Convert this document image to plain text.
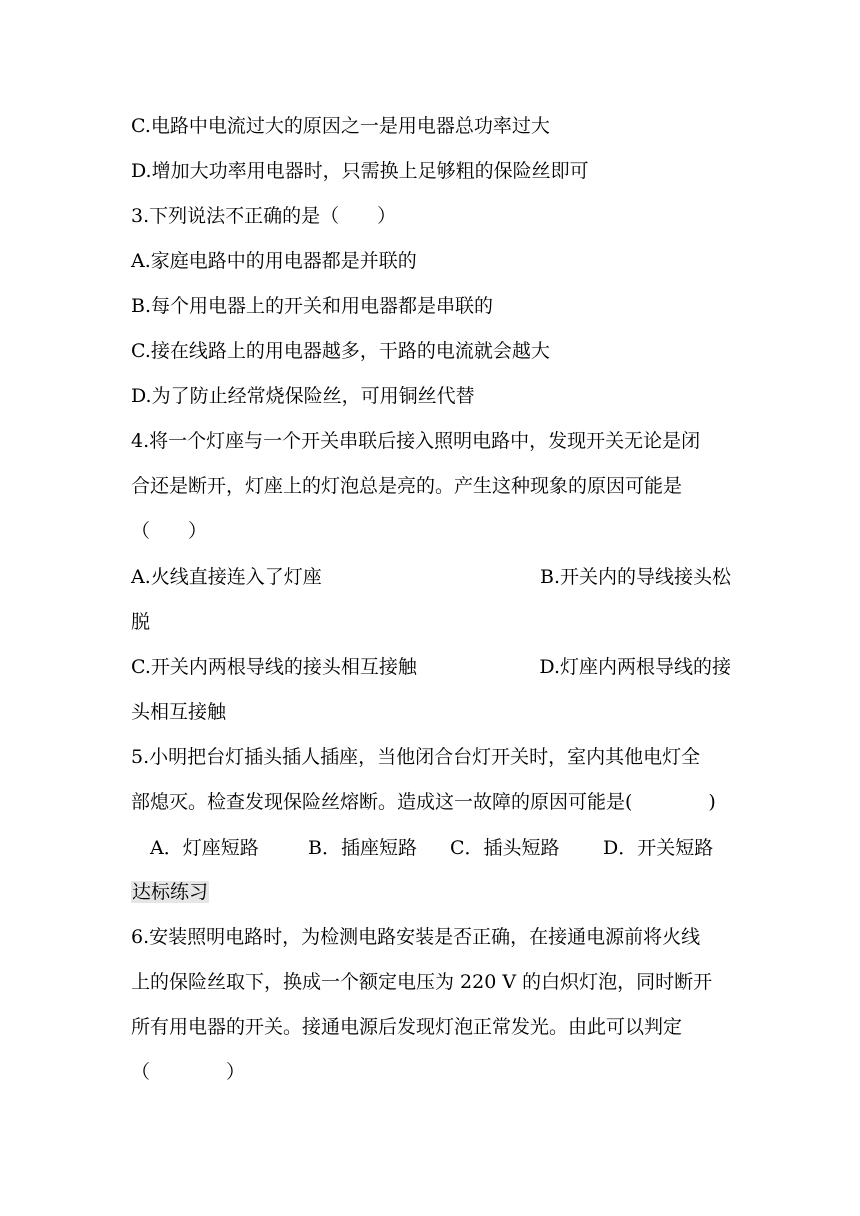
C.电路中电流过大的原因之一是用电器总功率过大
D.增加大功率用电器时，只需换上足够粗的保险丝即可
3.下列说法不正确的是（　　）
A.家庭电路中的用电器都是并联的
B.每个用电器上的开关和用电器都是串联的
C.接在线路上的用电器越多，干路的电流就会越大
D.为了防止经常烧保险丝，可用铜丝代替
4.将一个灯座与一个开关串联后接入照明电路中，发现开关无论是闭
合还是断开，灯座上的灯泡总是亮的。产生这种现象的原因可能是
（　　）
A.火线直接连入了灯座	B.开关内的导线接头松
脱
C.开关内两根导线的接头相互接触	D.灯座内两根导线的接
头相互接触
5.小明把台灯插头插人插座，当他闭合台灯开关时，室内其他电灯全
部熄灭。检查发现保险丝熔断。造成这一故障的原因可能是(　　　　)
A．灯座短路	B．插座短路	C．插头短路	D．开关短路
达标练习
6.安装照明电路时，为检测电路安装是否正确，在接通电源前将火线
上的保险丝取下，换成一个额定电压为 220 V 的白炽灯泡，同时断开
所有用电器的开关。接通电源后发现灯泡正常发光。由此可以判定
（　　　　）
